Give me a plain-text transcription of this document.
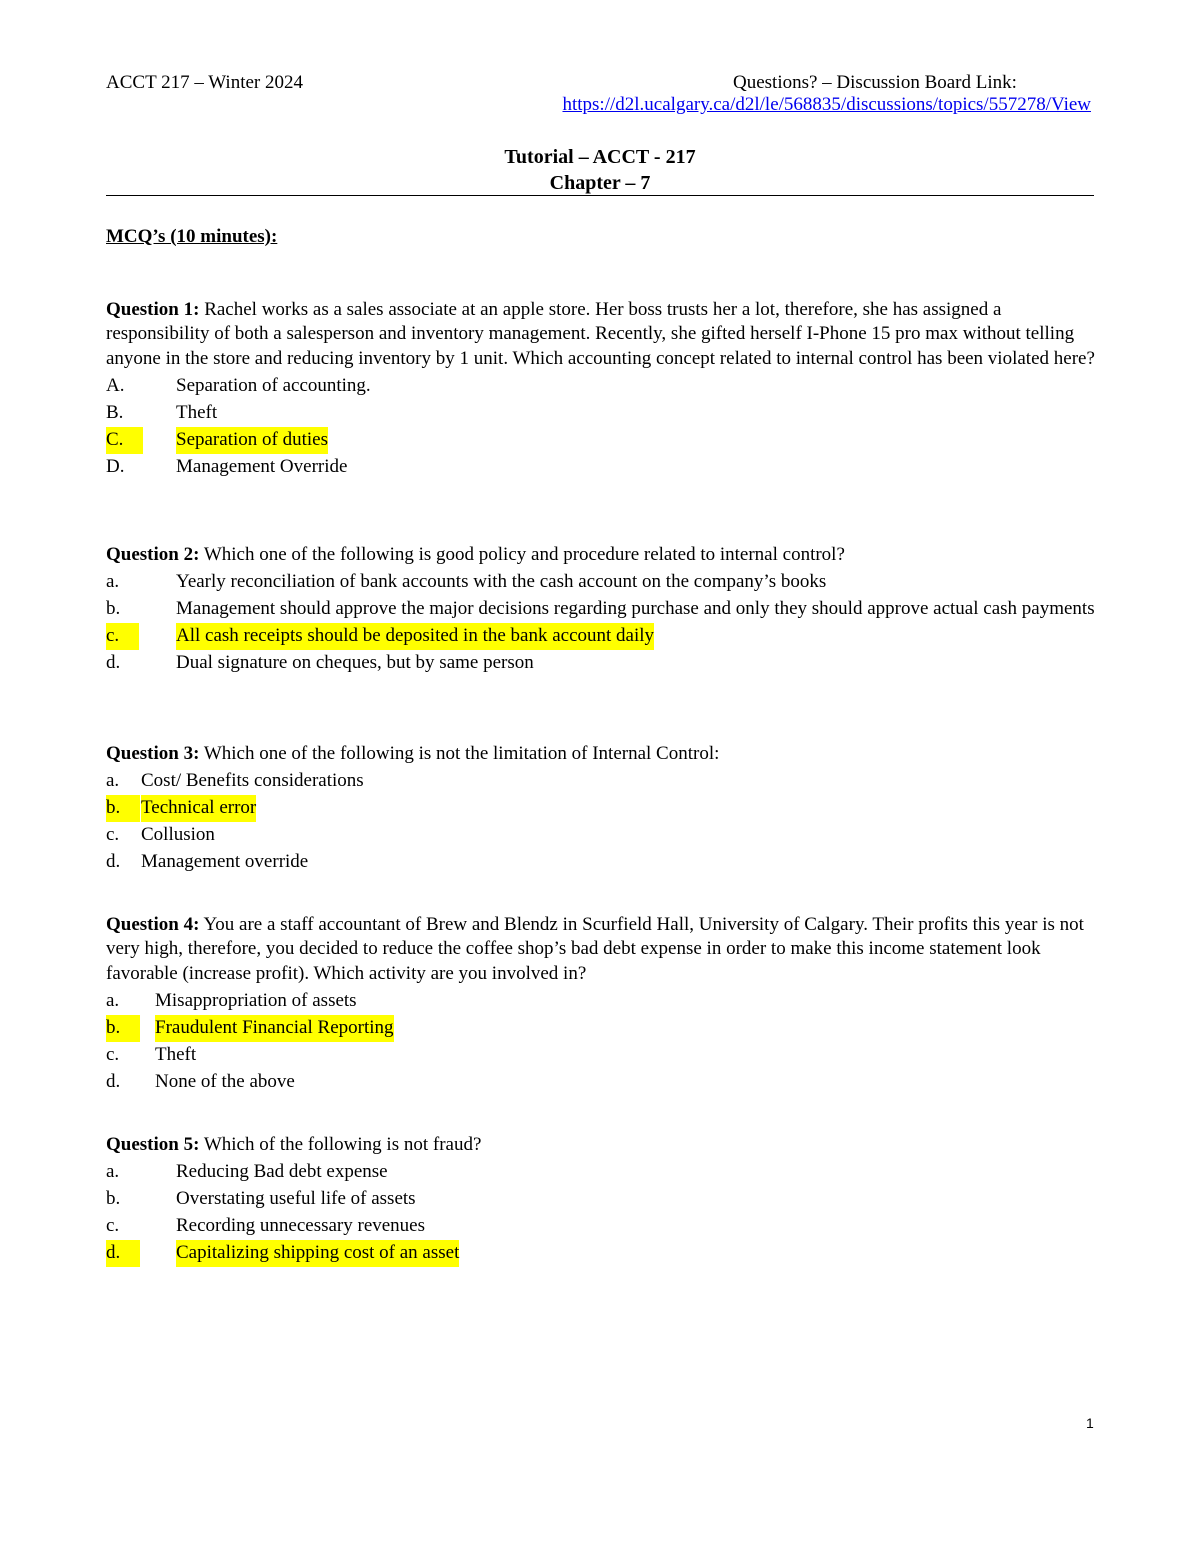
ACCT 217 – Winter 2024	Questions? – Discussion Board Link:
https://d2l.ucalgary.ca/d2l/le/568835/discussions/topics/557278/View
Tutorial – ACCT - 217
Chapter – 7
MCQ’s (10 minutes):
Question 1: Rachel works as a sales associate at an apple store. Her boss trusts her a lot, therefore, she has assigned a responsibility of both a salesperson and inventory management. Recently, she gifted herself I-Phone 15 pro max without telling anyone in the store and reducing inventory by 1 unit. Which accounting concept related to internal control has been violated here?
A.	Separation of accounting.
B.	Theft
C.	Separation of duties
D.	Management Override
Question 2: Which one of the following is good policy and procedure related to internal control?
a.	Yearly reconciliation of bank accounts with the cash account on the company’s books
b.	Management should approve the major decisions regarding purchase and only they should approve actual cash payments
c.	All cash receipts should be deposited in the bank account daily
d.	Dual signature on cheques, but by same person
Question 3: Which one of the following is not the limitation of Internal Control:
a. Cost/ Benefits considerations
b.	Technical error
c. Collusion
d. Management override
Question 4: You are a staff accountant of Brew and Blendz in Scurfield Hall, University of Calgary. Their profits this year is not very high, therefore, you decided to reduce the coffee shop’s bad debt expense in order to make this income statement look favorable (increase profit). Which activity are you involved in?
a. Misappropriation of assets
b.	Fraudulent Financial Reporting
c. Theft
d. None of the above
Question 5: Which of the following is not fraud?
a.	Reducing Bad debt expense
b.	Overstating useful life of assets
c.	Recording unnecessary revenues
d.	Capitalizing shipping cost of an asset
1
